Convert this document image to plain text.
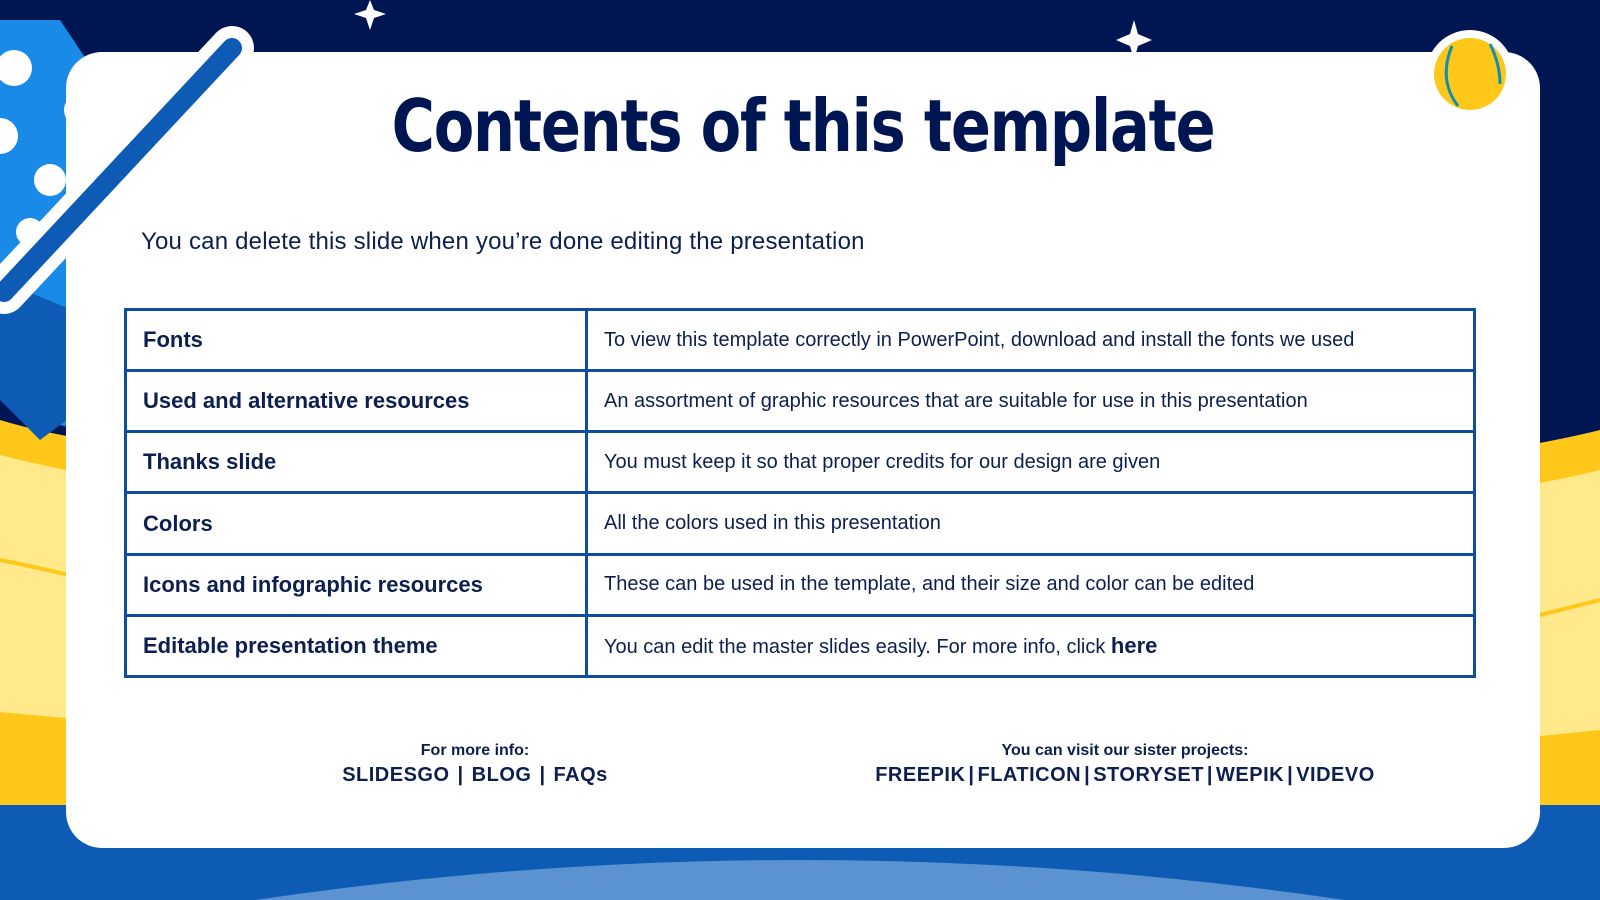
Contents of this template
You can delete this slide when you’re done editing the presentation
Fonts	To view this template correctly in PowerPoint, download and install the fonts we used
Used and alternative resources	An assortment of graphic resources that are suitable for use in this presentation
Thanks slide	You must keep it so that proper credits for our design are given
Colors	All the colors used in this presentation
Icons and infographic resources	These can be used in the template, and their size and color can be edited
Editable presentation theme	You can edit the master slides easily. For more info, click here
For more info:
SLIDESGO | BLOG | FAQs
You can visit our sister projects:
FREEPIK | FLATICON | STORYSET | WEPIK | VIDEVO
